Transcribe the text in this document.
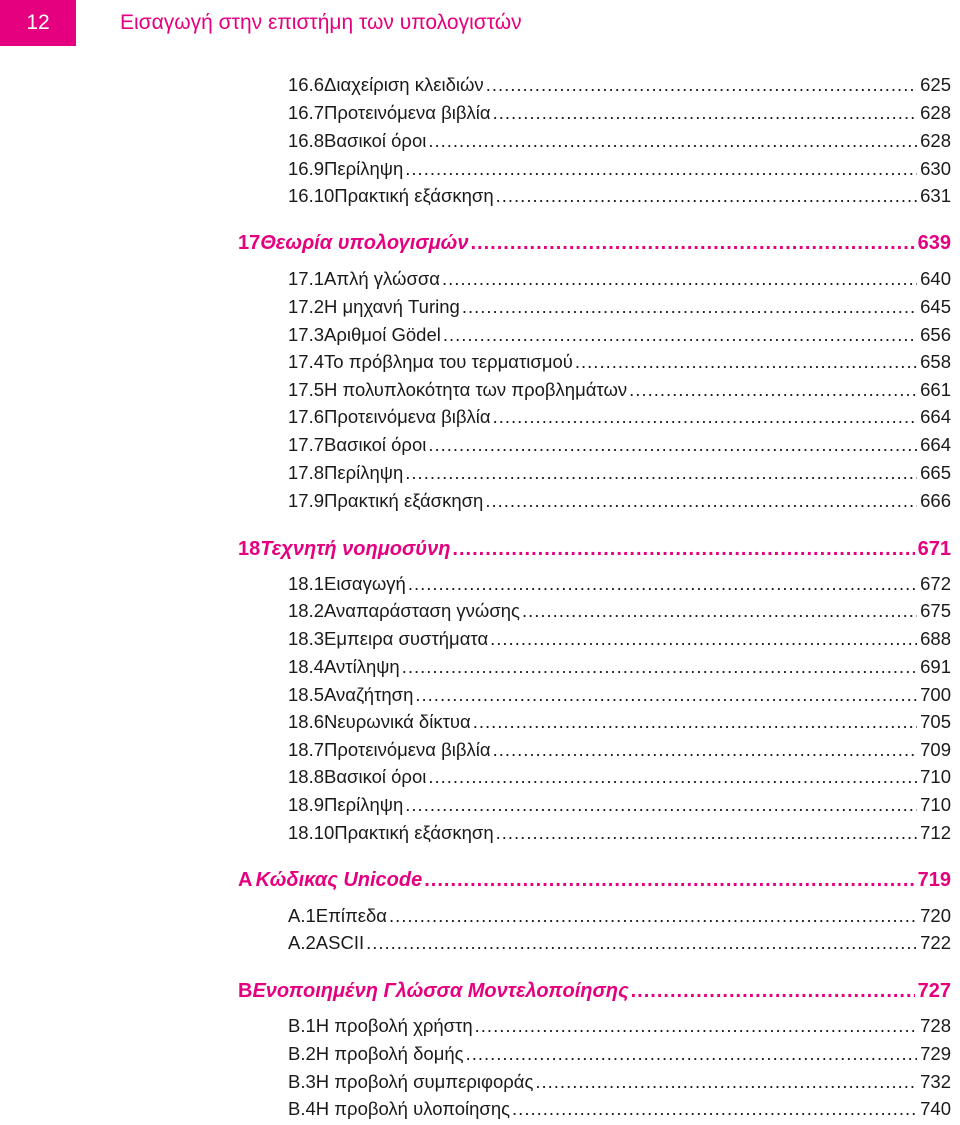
12	Εισαγωγή στην επιστήμη των υπολογιστών
16.6 Διαχείριση κλειδιών .....	625
16.7 Προτεινόμενα βιβλία .....	628
16.8 Βασικοί όροι .....	628
16.9 Περίληψη .....	630
16.10 Πρακτική εξάσκηση .....	631
17 Θεωρία υπολογισμών .....	639
17.1 Απλή γλώσσα .....	640
17.2 Η μηχανή Turing .....	645
17.3 Αριθμοί Gödel .....	656
17.4 Το πρόβλημα του τερματισμού .....	658
17.5 Η πολυπλοκότητα των προβλημάτων .....	661
17.6 Προτεινόμενα βιβλία .....	664
17.7 Βασικοί όροι .....	664
17.8 Περίληψη .....	665
17.9 Πρακτική εξάσκηση .....	666
18 Τεχνητή νοημοσύνη .....	671
18.1 Εισαγωγή .....	672
18.2 Αναπαράσταση γνώσης .....	675
18.3 Εμπειρα συστήματα .....	688
18.4 Αντίληψη .....	691
18.5 Αναζήτηση .....	700
18.6 Νευρωνικά δίκτυα .....	705
18.7 Προτεινόμενα βιβλία .....	709
18.8 Βασικοί όροι .....	710
18.9 Περίληψη .....	710
18.10 Πρακτική εξάσκηση .....	712
A Κώδικας Unicode .....	719
A.1 Επίπεδα .....	720
A.2 ASCII .....	722
B Ενοποιημένη Γλώσσα Μοντελοποίησης .....	727
B.1 Η προβολή χρήστη .....	728
B.2 Η προβολή δομής .....	729
B.3 Η προβολή συμπεριφοράς .....	732
B.4 Η προβολή υλοποίησης .....	740
